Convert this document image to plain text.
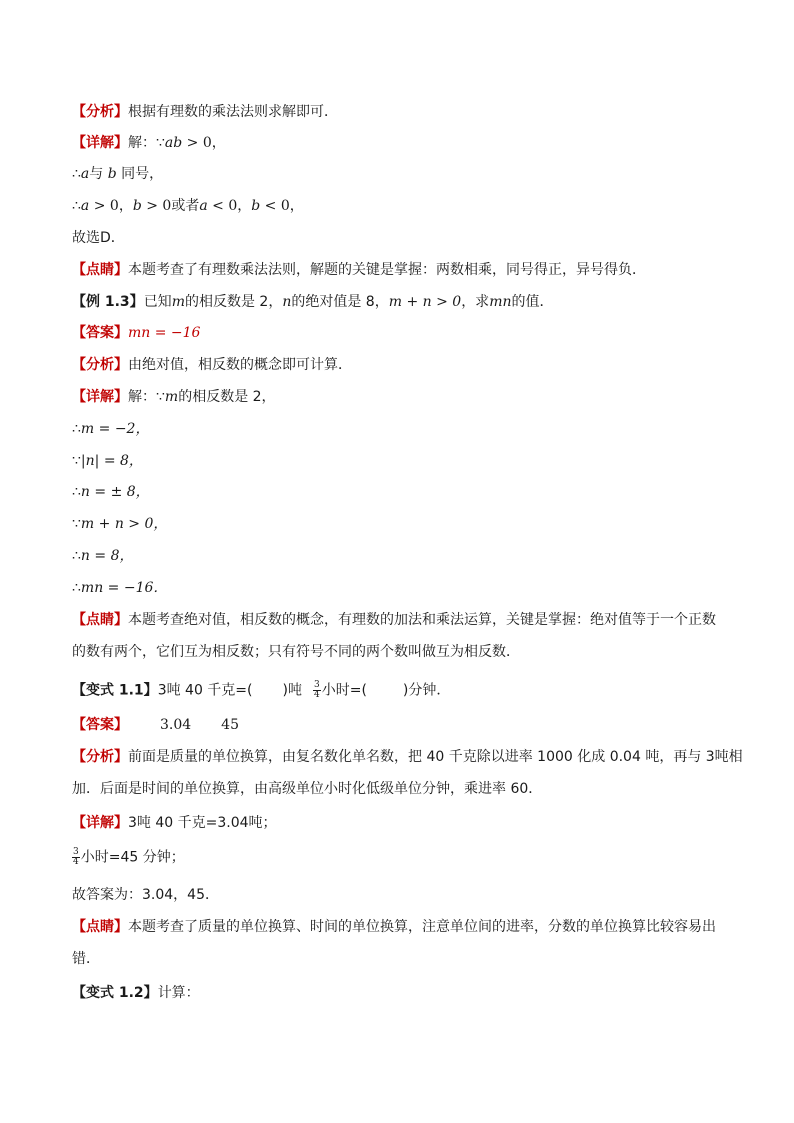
【分析】根据有理数的乘法法则求解即可．
【详解】解：∵ab > 0，
∴a与 b 同号，
∴a > 0，b > 0或者a < 0，b < 0，
故选D．
【点睛】本题考查了有理数乘法法则，解题的关键是掌握：两数相乘，同号得正，异号得负．
【例 1.3】已知m的相反数是 2，n的绝对值是 8，m + n > 0，求mn的值．
【答案】mn = −16
【分析】由绝对值，相反数的概念即可计算．
【详解】解：∵m的相反数是 2，
∴m = −2，
∵|n| = 8，
∴n = ± 8，
∵m + n > 0，
∴n = 8，
∴mn = −16．
【点睛】本题考查绝对值，相反数的概念，有理数的加法和乘法运算，关键是掌握：绝对值等于一个正数
的数有两个，它们互为相反数；只有符号不同的两个数叫做互为相反数．
【变式 1.1】3吨 40 千克=( )吨 $\frac{3}{4}$ 小时=(	)分钟．
【答案】 3.04 45
【分析】前面是质量的单位换算，由复名数化单名数，把 40 千克除以进率 1000 化成 0.04 吨，再与 3吨相
加．后面是时间的单位换算，由高级单位小时化低级单位分钟，乘进率 60．
【详解】3吨 40 千克=3.04吨；
$\frac{3}{4}$ 小时=45 分钟；
故答案为：3.04，45．
【点睛】本题考查了质量的单位换算、时间的单位换算，注意单位间的进率，分数的单位换算比较容易出
错．
【变式 1.2】计算：
